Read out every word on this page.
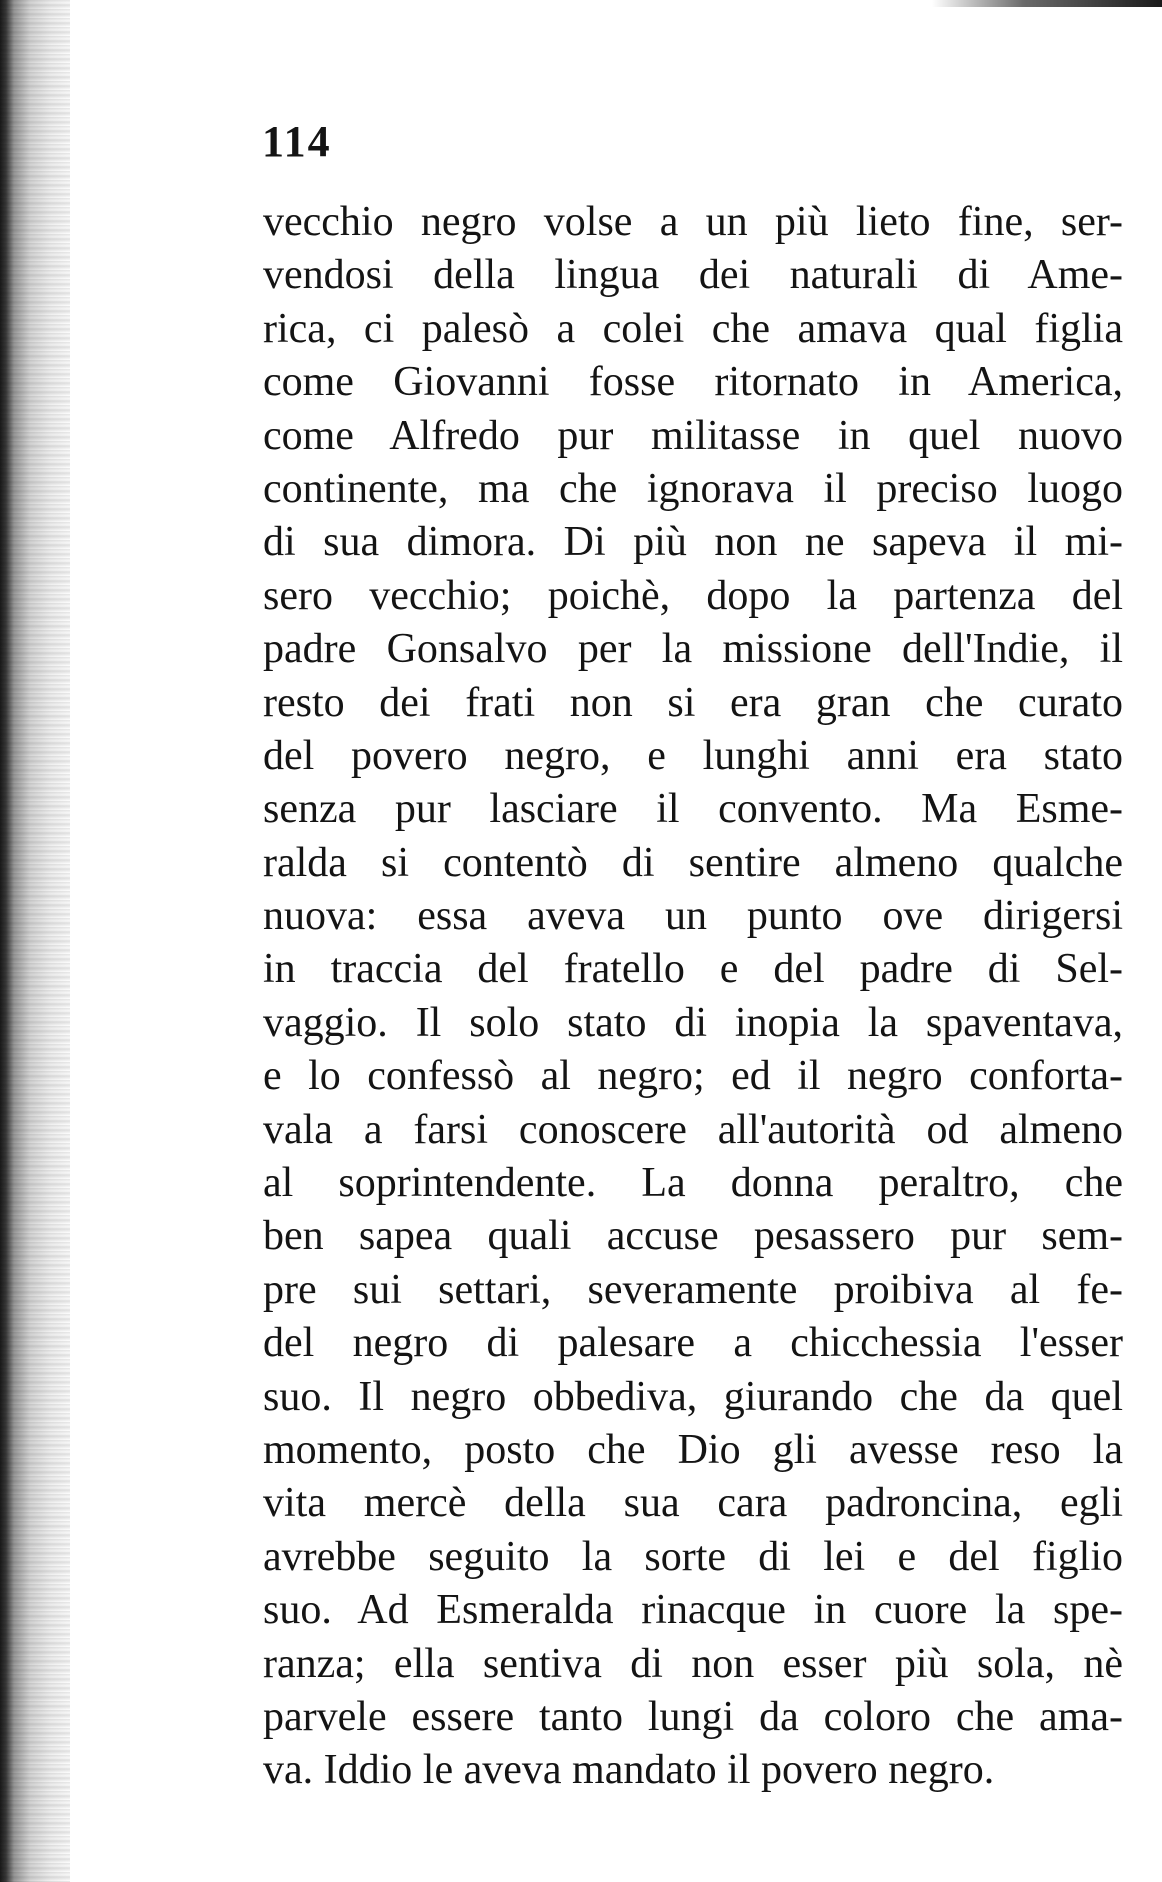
114

vecchio negro volse a un più lieto fine, ser-
vendosi della lingua dei naturali di Ame-
rica, ci palesò a colei che amava qual figlia
come Giovanni fosse ritornato in America,
come Alfredo pur militasse in quel nuovo
continente, ma che ignorava il preciso luogo
di sua dimora. Di più non ne sapeva il mi-
sero vecchio; poichè, dopo la partenza del
padre Gonsalvo per la missione dell'Indie, il
resto dei frati non si era gran che curato
del povero negro, e lunghi anni era stato
senza pur lasciare il convento. Ma Esme-
ralda si contentò di sentire almeno qualche
nuova: essa aveva un punto ove dirigersi
in traccia del fratello e del padre di Sel-
vaggio. Il solo stato di inopia la spaventava,
e lo confessò al negro; ed il negro conforta-
vala a farsi conoscere all'autorità od almeno
al soprintendente. La donna peraltro, che
ben sapea quali accuse pesassero pur sem-
pre sui settari, severamente proibiva al fe-
del negro di palesare a chicchessia l'esser
suo. Il negro obbediva, giurando che da quel
momento, posto che Dio gli avesse reso la
vita mercè della sua cara padroncina, egli
avrebbe seguito la sorte di lei e del figlio
suo. Ad Esmeralda rinacque in cuore la spe-
ranza; ella sentiva di non esser più sola, nè
parvele essere tanto lungi da coloro che ama-
va. Iddio le aveva mandato il povero negro.
